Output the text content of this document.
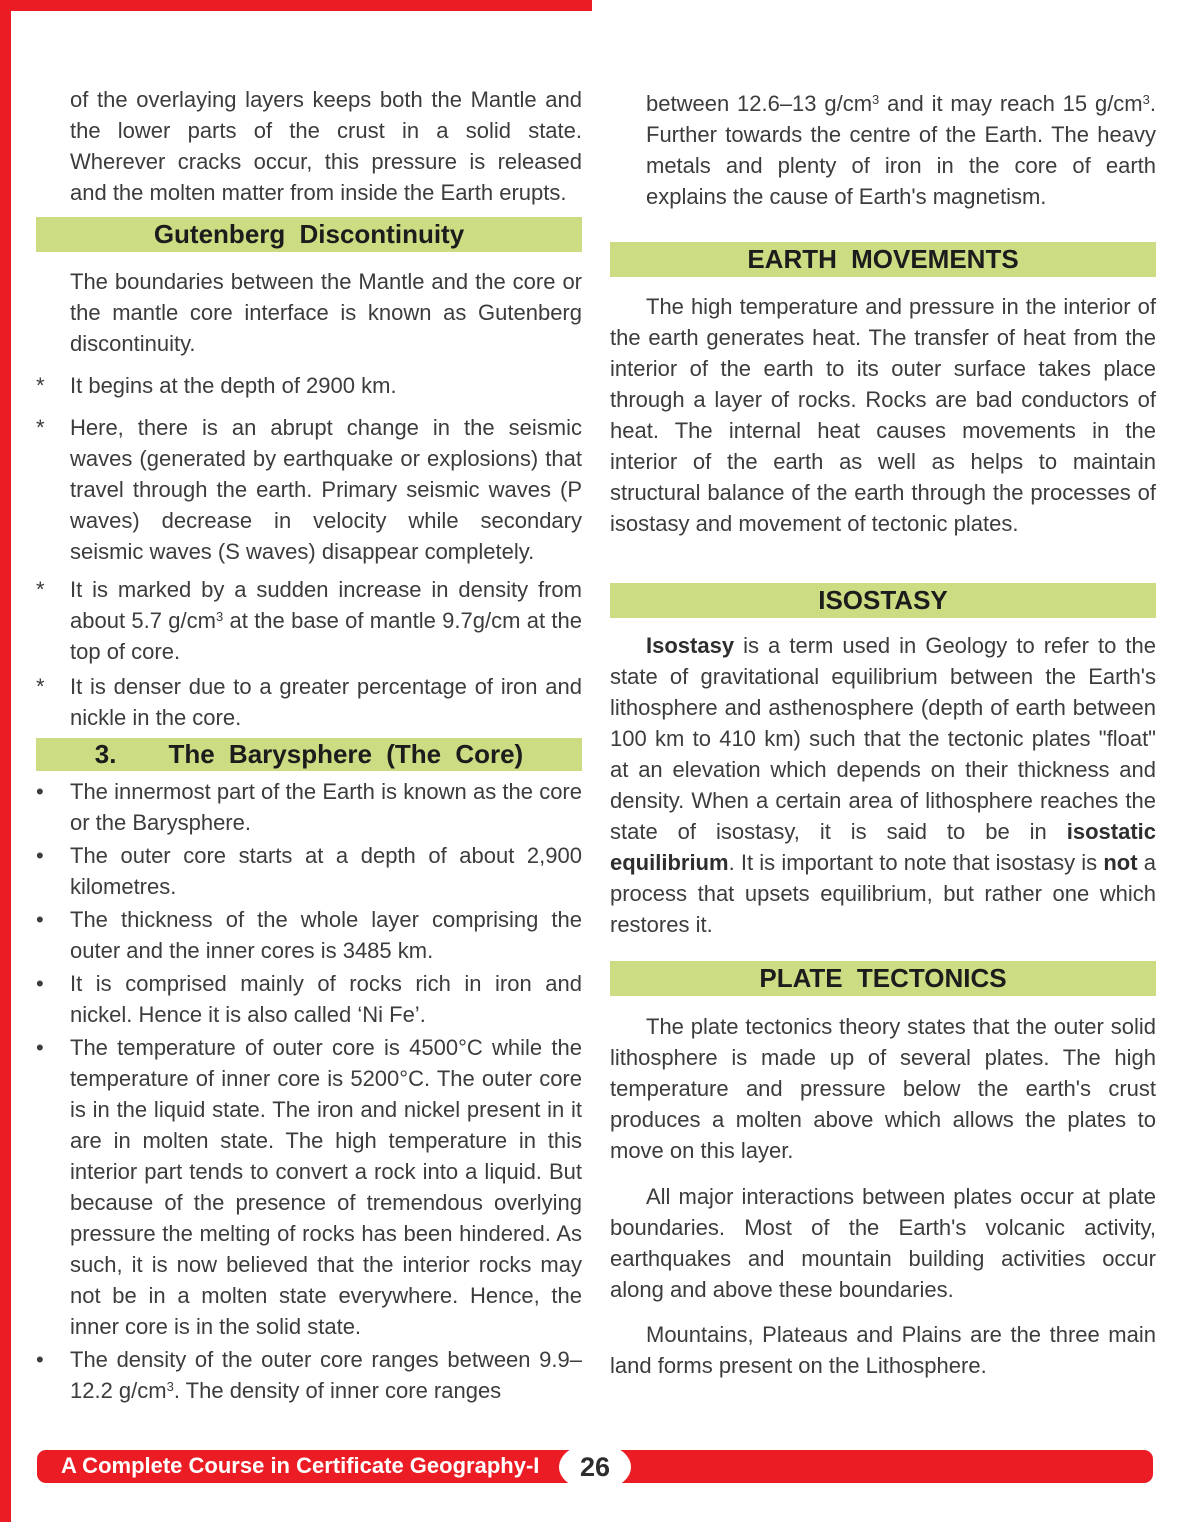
of the overlaying layers keeps both the Mantle and the lower parts of the crust in a solid state. Wherever cracks occur, this pressure is released and the molten matter from inside the Earth erupts.

Gutenberg Discontinuity

The boundaries between the Mantle and the core or the mantle core interface is known as Gutenberg discontinuity.

*	It begins at the depth of 2900 km.
*	Here, there is an abrupt change in the seismic waves (generated by earthquake or explosions) that travel through the earth. Primary seismic waves (P waves) decrease in velocity while secondary seismic waves (S waves) disappear completely.
*	It is marked by a sudden increase in density from about 5.7 $g/cm^3$ at the base of mantle 9.7g/cm at the top of core.
*	It is denser due to a greater percentage of iron and nickle in the core.
3. The Barysphere (The Core)
•	The innermost part of the Earth is known as the core or the Barysphere.
•	The outer core starts at a depth of about 2,900 kilometres.
•	The thickness of the whole layer comprising the outer and the inner cores is 3485 km.
•	It is comprised mainly of rocks rich in iron and nickel. Hence it is also called ‘Ni Fe’.
•	The temperature of outer core is 4500°C while the temperature of inner core is 5200°C. The outer core is in the liquid state. The iron and nickel present in it are in molten state. The high temperature in this interior part tends to convert a rock into a liquid. But because of the presence of tremendous overlying pressure the melting of rocks has been hindered. As such, it is now believed that the interior rocks may not be in a molten state everywhere. Hence, the inner core is in the solid state.
•	The density of the outer core ranges between 9.9–12.2 $g/cm^3$. The density of inner core ranges

between 12.6–13 $g/cm^3$ and it may reach 15 $g/cm^3$. Further towards the centre of the Earth. The heavy metals and plenty of iron in the core of earth explains the cause of Earth's magnetism.

EARTH MOVEMENTS

The high temperature and pressure in the interior of the earth generates heat. The transfer of heat from the interior of the earth to its outer surface takes place through a layer of rocks. Rocks are bad conductors of heat. The internal heat causes movements in the interior of the earth as well as helps to maintain structural balance of the earth through the processes of isostasy and movement of tectonic plates.

ISOSTASY

Isostasy is a term used in Geology to refer to the state of gravitational equilibrium between the Earth's lithosphere and asthenosphere (depth of earth between 100 km to 410 km) such that the tectonic plates "float" at an elevation which depends on their thickness and density. When a certain area of lithosphere reaches the state of isostasy, it is said to be in isostatic equilibrium. It is important to note that isostasy is not a process that upsets equilibrium, but rather one which restores it.

PLATE TECTONICS

The plate tectonics theory states that the outer solid lithosphere is made up of several plates. The high temperature and pressure below the earth's crust produces a molten above which allows the plates to move on this layer.

All major interactions between plates occur at plate boundaries. Most of the Earth's volcanic activity, earthquakes and mountain building activities occur along and above these boundaries.

Mountains, Plateaus and Plains are the three main land forms present on the Lithosphere.

A Complete Course in Certificate Geography-I 26
